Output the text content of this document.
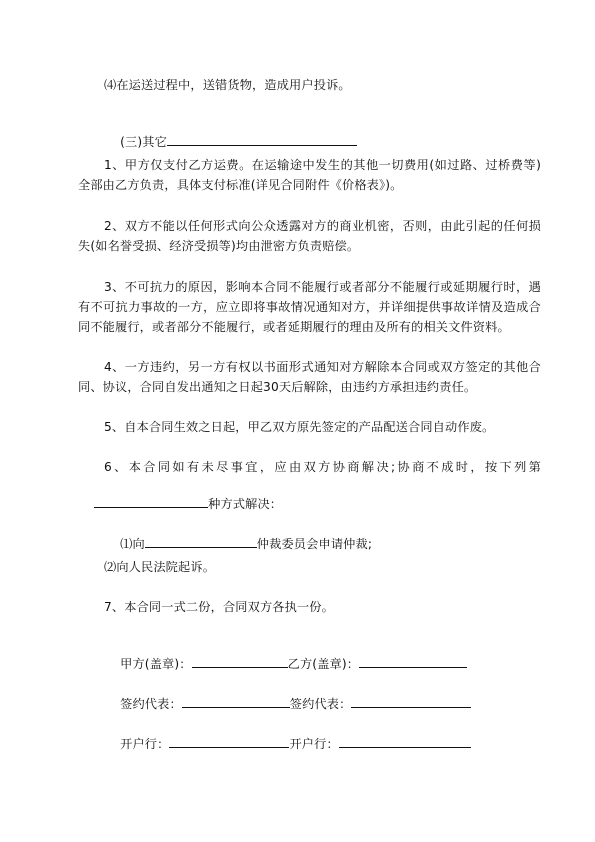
⑷在运送过程中，送错货物，造成用户投诉。

(三)其它

1、甲方仅支付乙方运费。在运输途中发生的其他一切费用(如过路、过桥费等)
全部由乙方负责，具体支付标准(详见合同附件《价格表》)。
2、双方不能以任何形式向公众透露对方的商业机密，否则，由此引起的任何损
失(如名誉受损、经济受损等)均由泄密方负责赔偿。
3、不可抗力的原因，影响本合同不能履行或者部分不能履行或延期履行时，遇
有不可抗力事故的一方，应立即将事故情况通知对方，并详细提供事故详情及造成合
同不能履行，或者部分不能履行，或者延期履行的理由及所有的相关文件资料。
4、一方违约，另一方有权以书面形式通知对方解除本合同或双方签定的其他合
同、协议，合同自发出通知之日起30天后解除，由违约方承担违约责任。
5、自本合同生效之日起，甲乙双方原先签定的产品配送合同自动作废。
6、本合同如有未尽事宜，应由双方协商解决;协商不成时，按下列第

种方式解决：

⑴向	仲裁委员会申请仲裁;

⑵向人民法院起诉。
7、本合同一式二份，合同双方各执一份。

甲方(盖章)：	乙方(盖章)：

签约代表：	签约代表：

开户行：	开户行：
